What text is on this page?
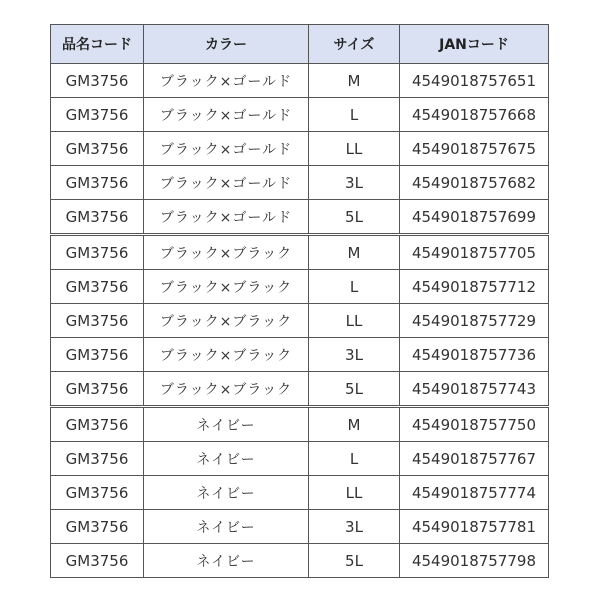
品名コード	カラー	サイズ	JANコード
GM3756	ブラック×ゴールド	M	4549018757651
GM3756	ブラック×ゴールド	L	4549018757668
GM3756	ブラック×ゴールド	LL	4549018757675
GM3756	ブラック×ゴールド	3L	4549018757682
GM3756	ブラック×ゴールド	5L	4549018757699
GM3756	ブラック×ブラック	M	4549018757705
GM3756	ブラック×ブラック	L	4549018757712
GM3756	ブラック×ブラック	LL	4549018757729
GM3756	ブラック×ブラック	3L	4549018757736
GM3756	ブラック×ブラック	5L	4549018757743
GM3756	ネイビー	M	4549018757750
GM3756	ネイビー	L	4549018757767
GM3756	ネイビー	LL	4549018757774
GM3756	ネイビー	3L	4549018757781
GM3756	ネイビー	5L	4549018757798
